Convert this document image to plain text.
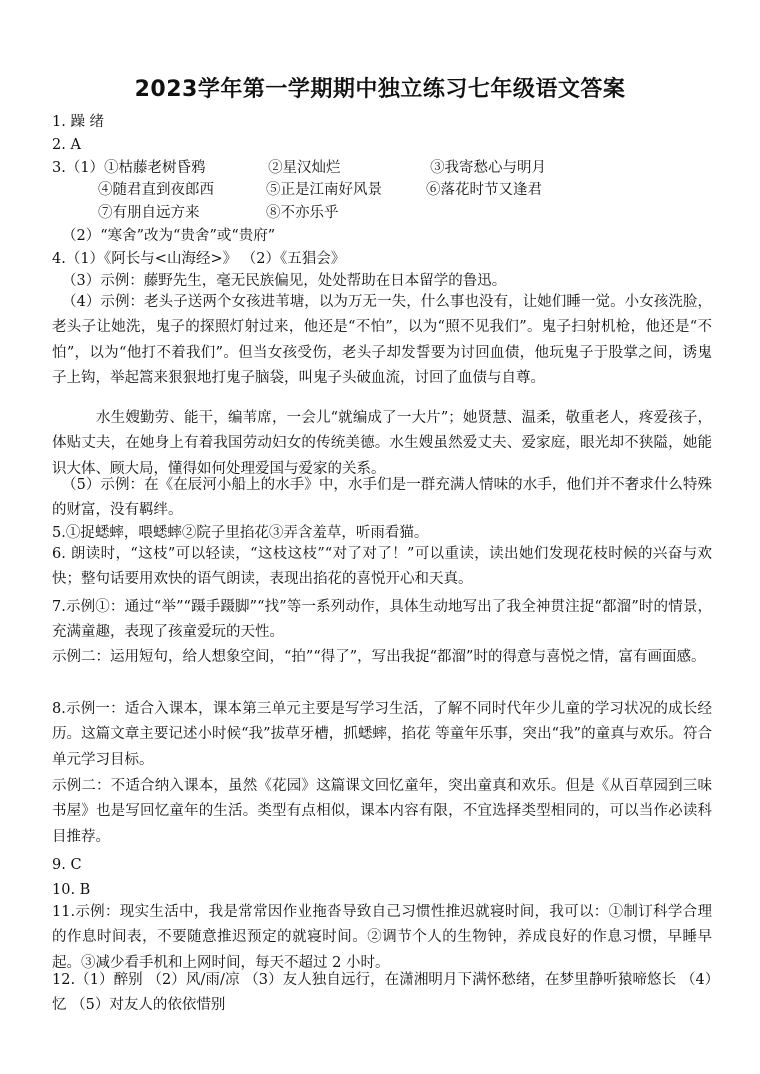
2023学年第一学期期中独立练习七年级语文答案
1. 躁 绪
2. A
3.（1）①枯藤老树昏鸦	②星汉灿烂	③我寄愁心与明月
④随君直到夜郎西	⑤正是江南好风景	⑥落花时节又逢君
⑦有朋自远方来	⑧不亦乐乎
（2）“寒舍”改为“贵舍”或“贵府”
4.（1）《阿长与<山海经>》 （2）《五猖会》
（3）示例：藤野先生，毫无民族偏见，处处帮助在日本留学的鲁迅。
（4）示例：老头子送两个女孩进苇塘，以为万无一失，什么事也没有，让她们睡一觉。小女孩洗脸，老头子让她洗，鬼子的探照灯射过来，他还是“不怕”，以为“照不见我们”。鬼子扫射机枪，他还是“不怕”，以为“他打不着我们”。但当女孩受伤，老头子却发誓要为讨回血债，他玩鬼子于股掌之间，诱鬼子上钩，举起篙来狠狠地打鬼子脑袋，叫鬼子头破血流，讨回了血债与自尊。
水生嫂勤劳、能干，编苇席，一会儿“就编成了一大片”；她贤慧、温柔，敬重老人，疼爱孩子，体贴丈夫，在她身上有着我国劳动妇女的传统美德。水生嫂虽然爱丈夫、爱家庭，眼光却不狭隘，她能识大体、顾大局，懂得如何处理爱国与爱家的关系。
（5）示例：在《在辰河小船上的水手》中，水手们是一群充满人情味的水手，他们并不奢求什么特殊的财富，没有羁绊。
5.①捉蟋蟀，喂蟋蟀②院子里掐花③弄含羞草，听雨看猫。
6. 朗读时，“这枝”可以轻读，“这枝这枝”“对了对了！”可以重读，读出她们发现花枝时候的兴奋与欢快；整句话要用欢快的语气朗读，表现出掐花的喜悦开心和天真。
7.示例①：通过“举”“蹑手蹑脚”“找”等一系列动作，具体生动地写出了我全神贯注捉“都溜”时的情景，充满童趣，表现了孩童爱玩的天性。
示例二：运用短句，给人想象空间，“拍”“得了”，写出我捉“都溜”时的得意与喜悦之情，富有画面感。
8.示例一：适合入课本，课本第三单元主要是写学习生活，了解不同时代年少儿童的学习状况的成长经历。这篇文章主要记述小时候“我”拔草牙槽，抓蟋蟀，掐花 等童年乐事，突出“我”的童真与欢乐。符合单元学习目标。
示例二：不适合纳入课本，虽然《花园》这篇课文回忆童年，突出童真和欢乐。但是《从百草园到三味书屋》也是写回忆童年的生活。类型有点相似，课本内容有限，不宜选择类型相同的，可以当作必读科目推荐。
9. C
10. B
11.示例：现实生活中，我是常常因作业拖沓导致自己习惯性推迟就寝时间，我可以：①制订科学合理的作息时间表，不要随意推迟预定的就寝时间。②调节个人的生物钟，养成良好的作息习惯，早睡早起。③减少看手机和上网时间，每天不超过 2 小时。
12.（1）醉别 （2）风/雨/凉 （3）友人独自远行，在潇湘明月下满怀愁绪，在梦里静听猿啼悠长 （4）忆 （5）对友人的依依惜别
